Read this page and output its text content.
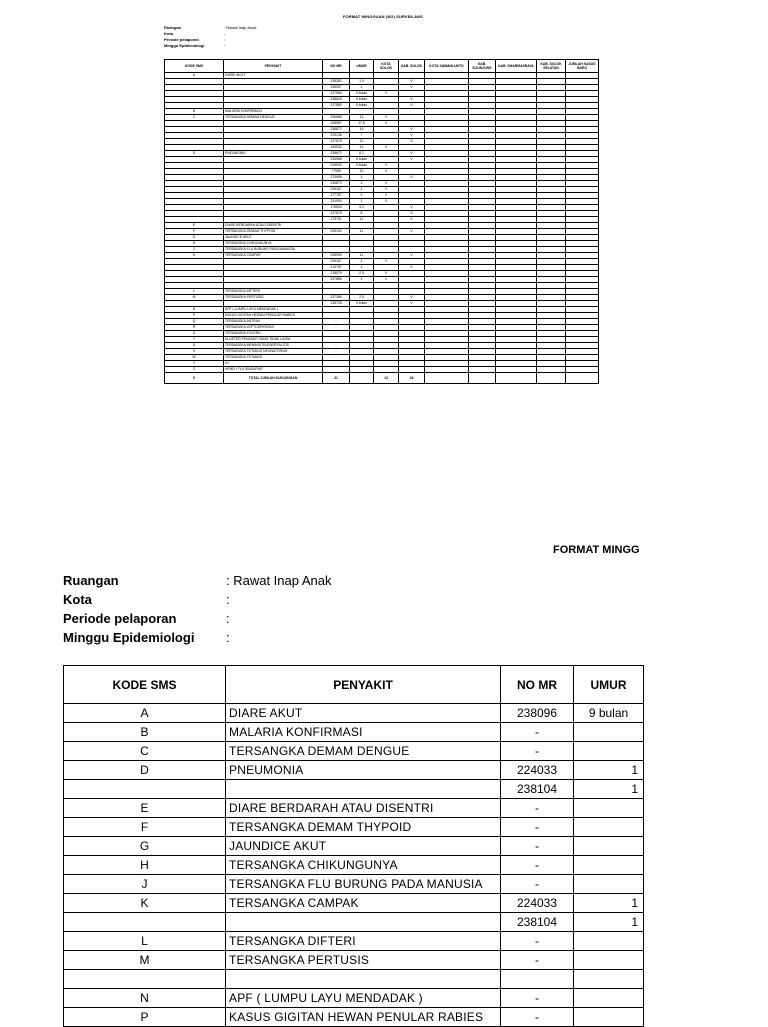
FORMAT MINGGUAN (W2) SURVEILANS
Ruangan	: Rawat Inap Anak
Kota	:
Periode pelaporan	:
Minggu Epidemiologi	:
KODE SMS	PENYAKIT	NO MR	UMUR	KOTA SOLOK	KAB. SOLOK	KOTA SAWAHLUNTO	KAB. SIJUNJUNG	KAB. DHARMASRAYA	KAB. SOLOK SELATAN	JUMLAH KASUS BARU
A	DIARE AKUT									
		238383	1.9		V					
		238057	1		V					
		237566	9 bulan	V						
		238629	5 bulan		V					
		237880	8 bulan		V					
B	MALARIA KONFIRMASI									
C	TERSANGKA DEMAM DENGUE	236686	13	V						
		108987	17.5	V						
		236872	16		V					
		225138	7		V					
		237675	10		V					
		153533	13	V						
D	PNEUMONIA	238672	8.2		V					
		234968	5 bulan		V					
		228932	9 bulan	V						
		77955	10	V						
		223658	1		V					
		236870	2	V						
		226167	1	V						
		177787	9	V						
		231993	1	V						
		178533	4.3		V					
		237675	8		V					
		173791	11		V					
E	DIARE BERDARAH ATAU DISENTRI									
F	TERSANGKA DEMAM THYPOID	228194	11		V					
G	JAUNDICE AKUT									
H	TERSANGKA CHIKUNGUNYA									
J	TERSANGKA FLU BURUNG PADA MANUSIA									
K	TERSANGKA CAMPAK	238095	11		V					
		226167	1	V						
		213757	1		V					
		218079	2.5	V						
		237885	2	V						

L	TERSANGKA DIFTERI									
M	TERSANGKA PERTUSIS	237386	2.5		V					
		238728	9 bulan		V					
N	APF ( LUMPU LAYU MENDADAK )	-								
P	KASUS GIGITAN HEWAN PENULAR RABIES	-								
Q	TERSANGKA ANTRAX	-								
R	TERSANGKA LEPTOSPIROSIS	-								
S	TERSANGKA KOLERA	-								
T	KLUSTER PENYAKIT YANG TIDAK LAZIM	-								
U	TERSANGKA MENINGITIS/ENSEFALITIS	-								
V	TERSANGKA TETANUS NEONATORUM	-								
W	TERSANGKA TETANUS	-								
Y	ILI	-								
Z	HFMD / FLU SINGAPUR	-								
X	TOTAL JUMLAH KUNJUNGAN	31		13	18					
FORMAT MINGG
Ruangan	: Rawat Inap Anak
Kota	:
Periode pelaporan	:
Minggu Epidemiologi	:
KODE SMS	PENYAKIT	NO MR	UMUR
A	DIARE AKUT	238096	9 bulan
B	MALARIA KONFIRMASI	-	
C	TERSANGKA DEMAM DENGUE	-	
D	PNEUMONIA	224033	1
		238104	1
E	DIARE BERDARAH ATAU DISENTRI	-	
F	TERSANGKA DEMAM THYPOID	-	
G	JAUNDICE AKUT	-	
H	TERSANGKA CHIKUNGUNYA	-	
J	TERSANGKA FLU BURUNG PADA MANUSIA	-	
K	TERSANGKA CAMPAK	224033	1
		238104	1
L	TERSANGKA DIFTERI	-	
M	TERSANGKA PERTUSIS	-	

N	APF ( LUMPU LAYU MENDADAK )	-	
P	KASUS GIGITAN HEWAN PENULAR RABIES	-	
